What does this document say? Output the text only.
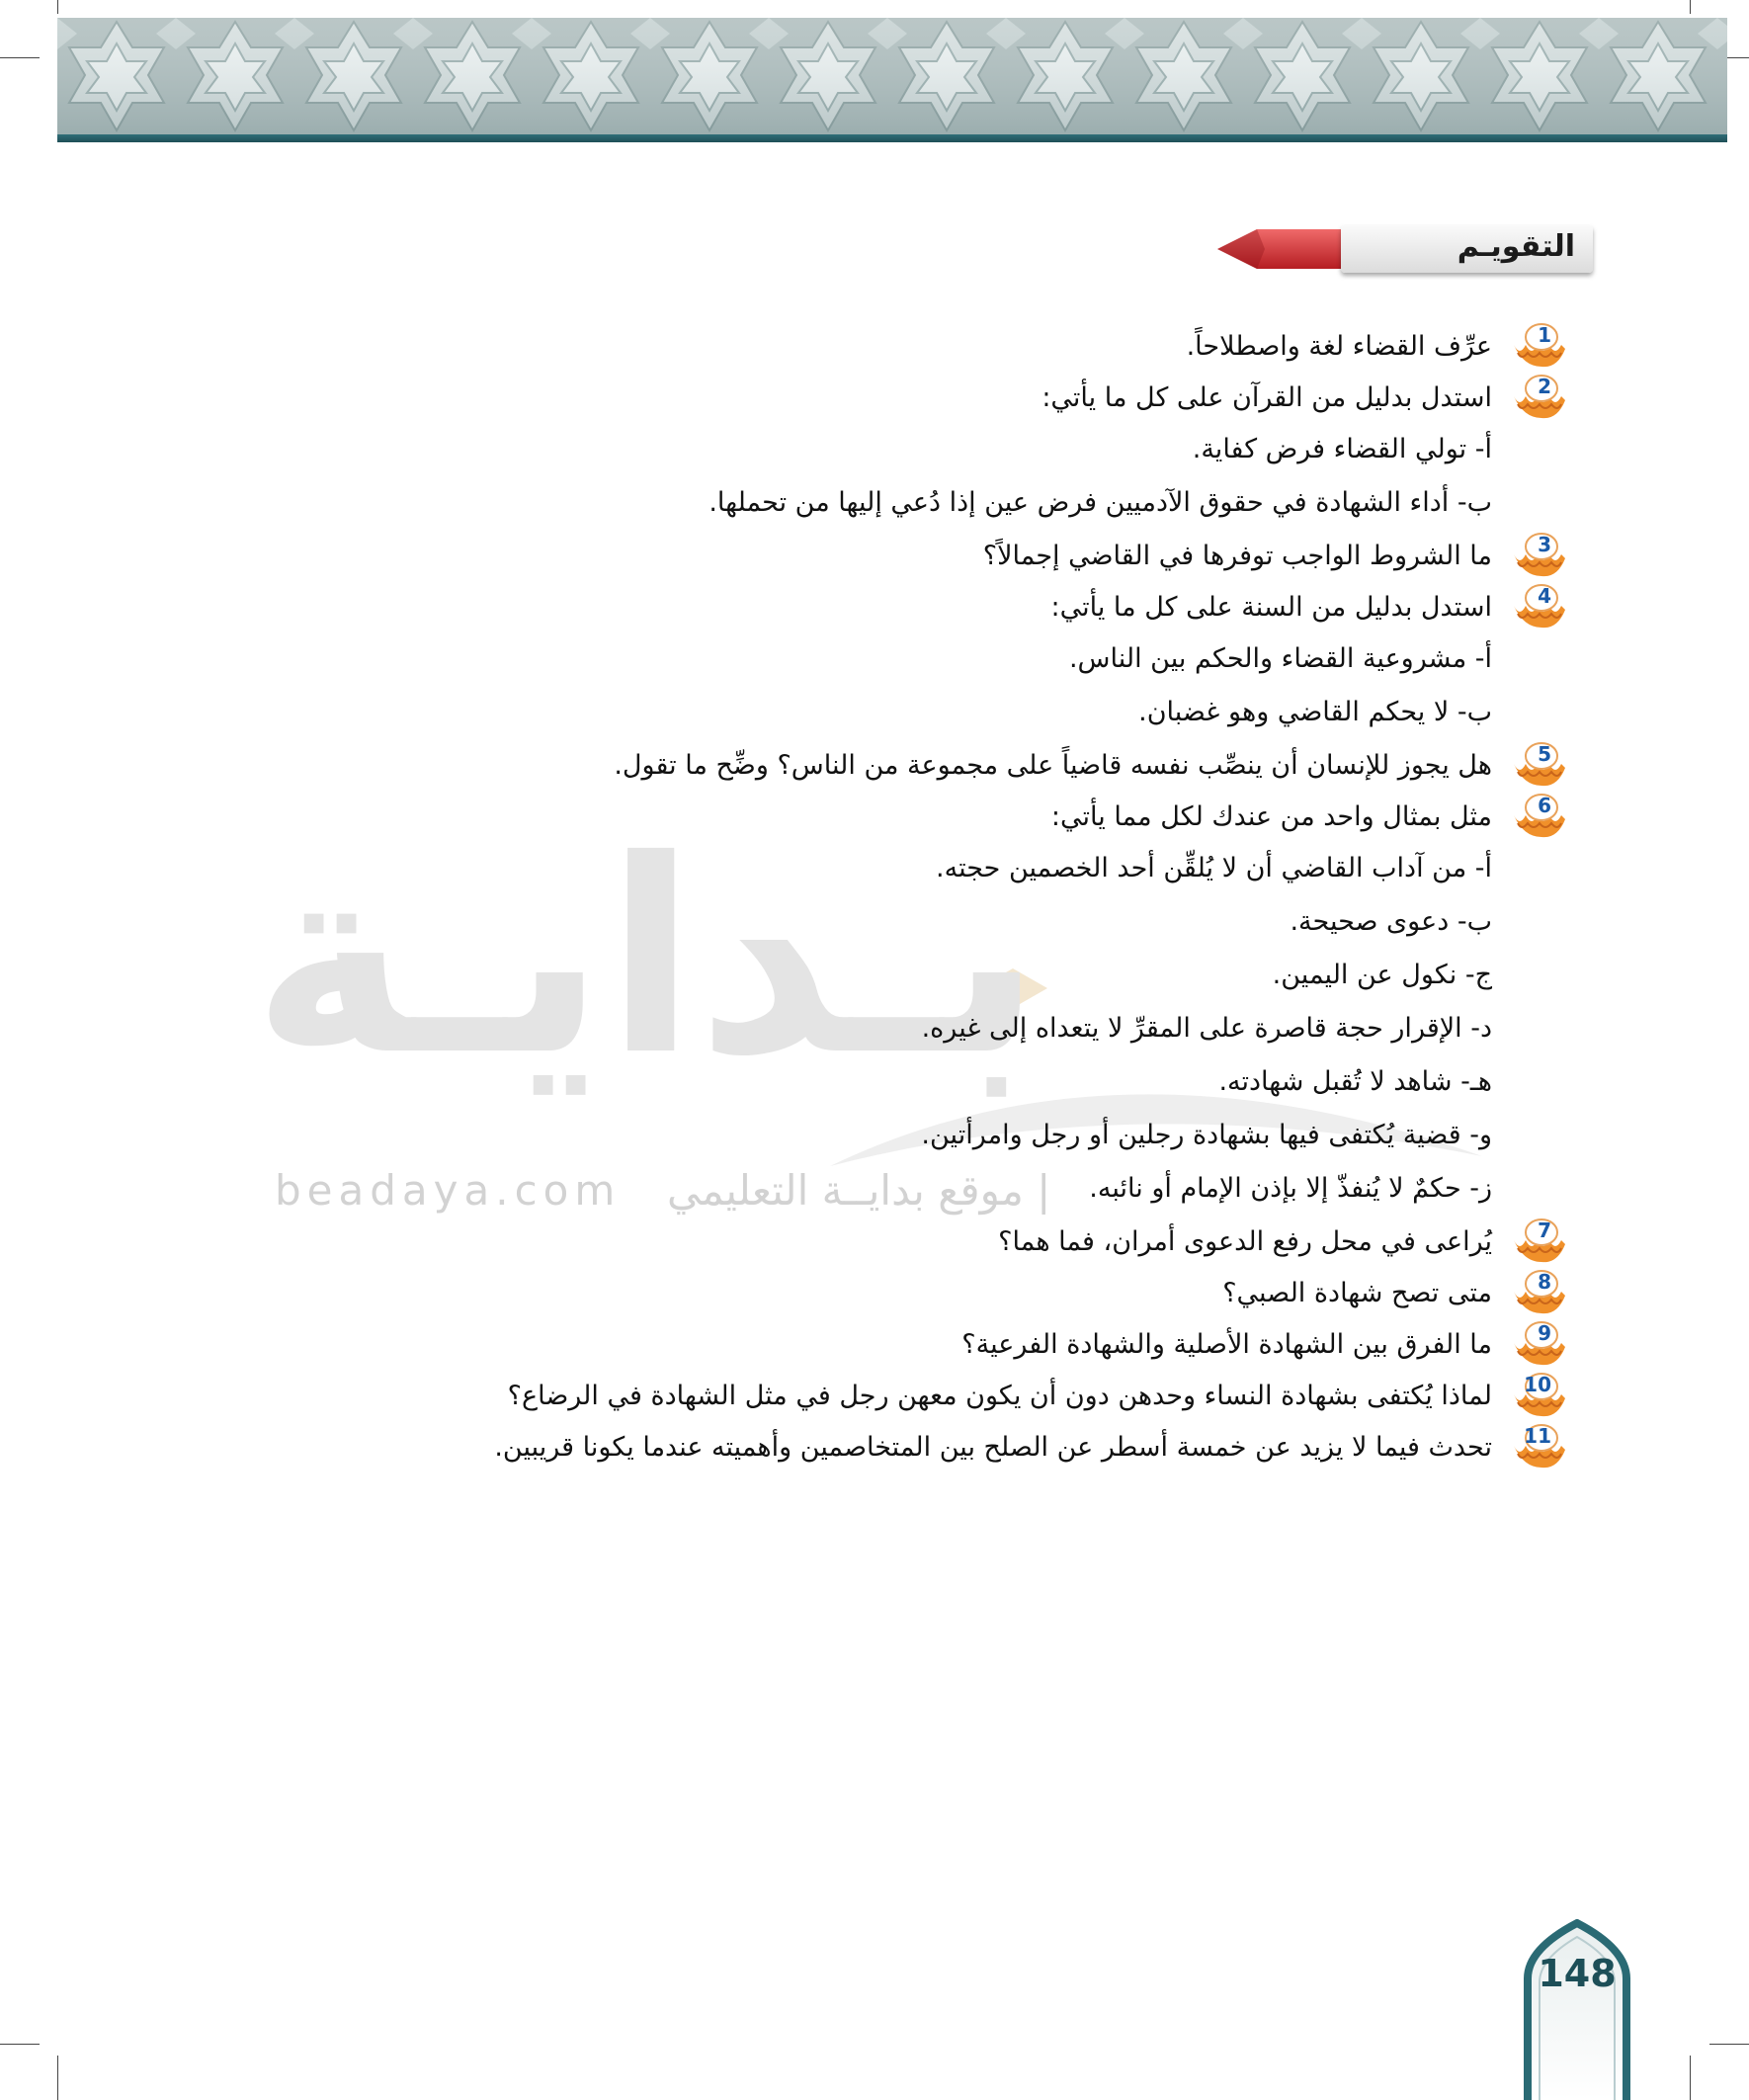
التقويـم
بـدايـة
beadaya.com | موقع بدايــة التعليمي
1
عرِّف القضاء لغة واصطلاحاً.
2
استدل بدليل من القرآن على كل ما يأتي:
أ- تولي القضاء فرض كفاية.
ب- أداء الشهادة في حقوق الآدميين فرض عين إذا دُعي إليها من تحملها.
3
ما الشروط الواجب توفرها في القاضي إجمالاً؟
4
استدل بدليل من السنة على كل ما يأتي:
أ- مشروعية القضاء والحكم بين الناس.
ب- لا يحكم القاضي وهو غضبان.
5
هل يجوز للإنسان أن ينصِّب نفسه قاضياً على مجموعة من الناس؟ وضِّح ما تقول.
6
مثل بمثال واحد من عندك لكل مما يأتي:
أ- من آداب القاضي أن لا يُلقِّن أحد الخصمين حجته.
ب- دعوى صحيحة.
ج- نكول عن اليمين.
د- الإقرار حجة قاصرة على المقرِّ لا يتعداه إلى غيره.
هـ- شاهد لا تُقبل شهادته.
و- قضية يُكتفى فيها بشهادة رجلين أو رجل وامرأتين.
ز- حكمٌ لا يُنفذّ إلا بإذن الإمام أو نائبه.
7
يُراعى في محل رفع الدعوى أمران، فما هما؟
8
متى تصح شهادة الصبي؟
9
ما الفرق بين الشهادة الأصلية والشهادة الفرعية؟
10
لماذا يُكتفى بشهادة النساء وحدهن دون أن يكون معهن رجل في مثل الشهادة في الرضاع؟
11
تحدث فيما لا يزيد عن خمسة أسطر عن الصلح بين المتخاصمين وأهميته عندما يكونا قريبين.
148
